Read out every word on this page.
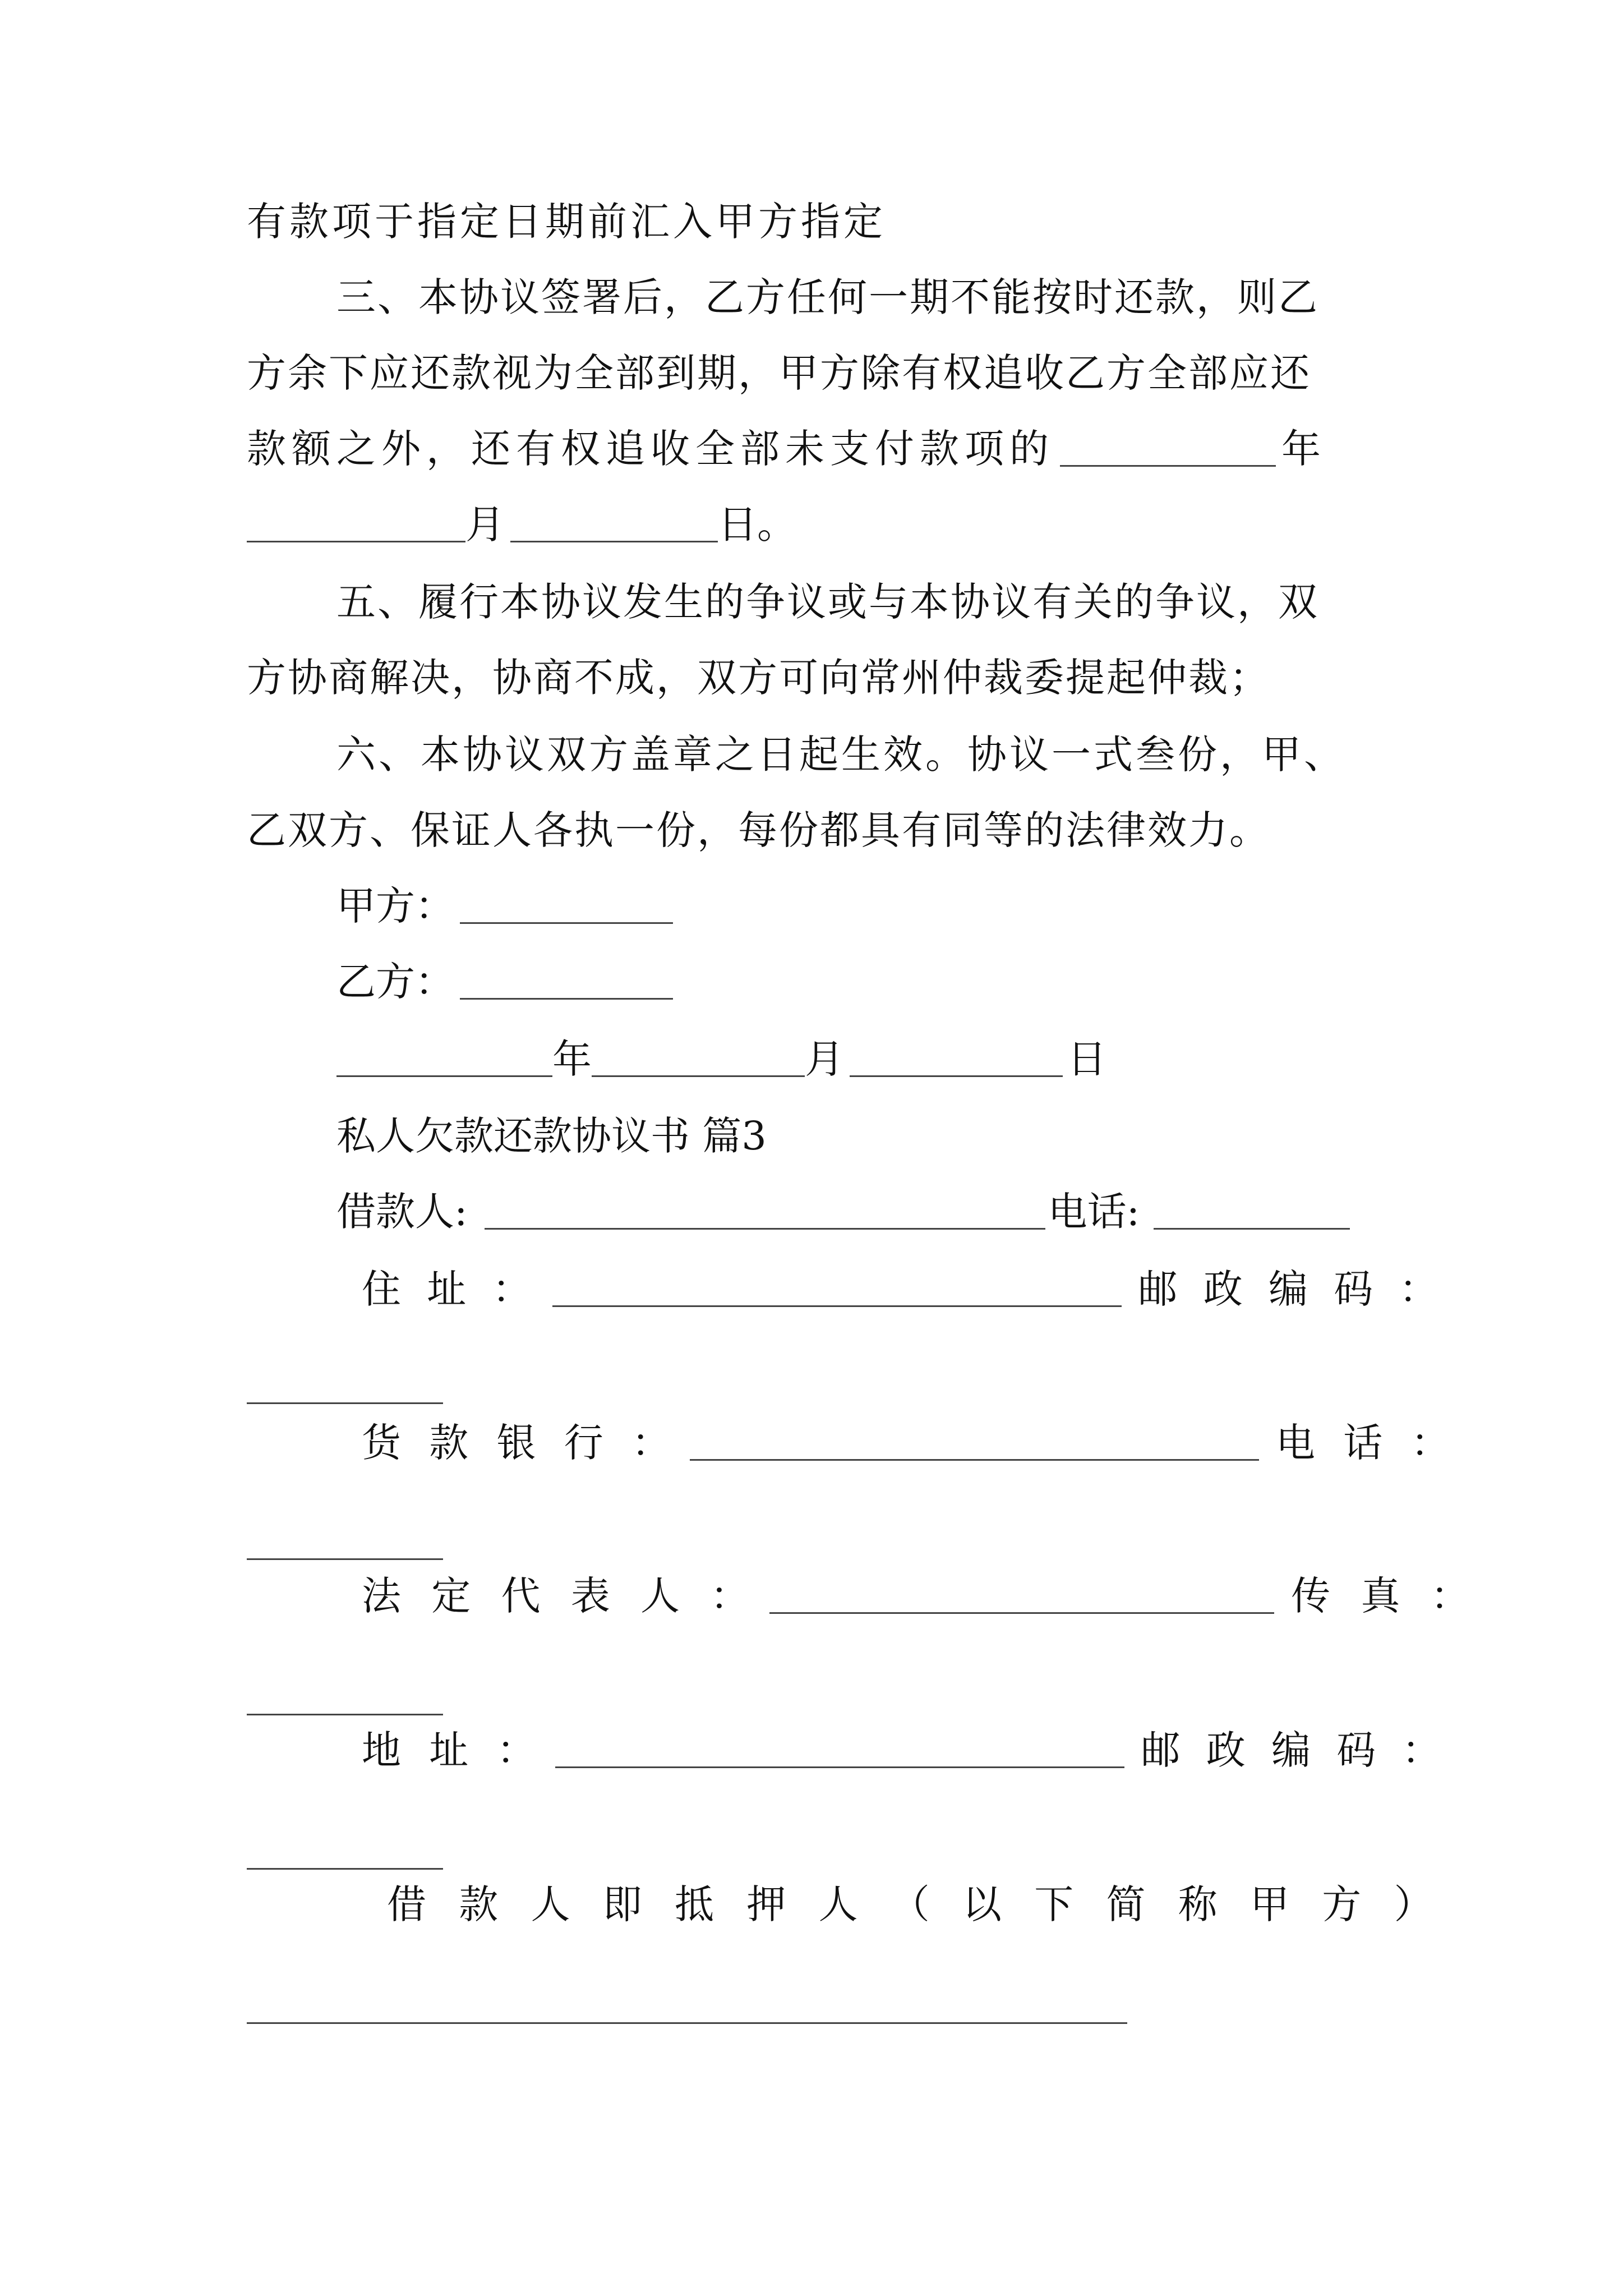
有款项于指定日期前汇入甲方指定
三、本协议签署后，乙方任何一期不能按时还款，则乙
方余下应还款视为全部到期，甲方除有权追收乙方全部应还
款额之外，还有权追收全部未支付款项的	年
月	日。
五、履行本协议发生的争议或与本协议有关的争议，双
方协商解决，协商不成，双方可向常州仲裁委提起仲裁；
六、本协议双方盖章之日起生效。协议一式叁份，甲、
乙双方、保证人各执一份，每份都具有同等的法律效力。
甲方：
乙方：
年	月	日
私人欠款还款协议书 篇3
借款人:	电话:
住 址 ：	邮 政 编 码 ：
货 款 银 行 ：	电 话 ：
法 定 代 表 人 ：	传 真 ：
地 址 ：	邮 政 编 码 ：
借 款 人 即 抵 押 人 （ 以 下 简 称 甲 方 ）
